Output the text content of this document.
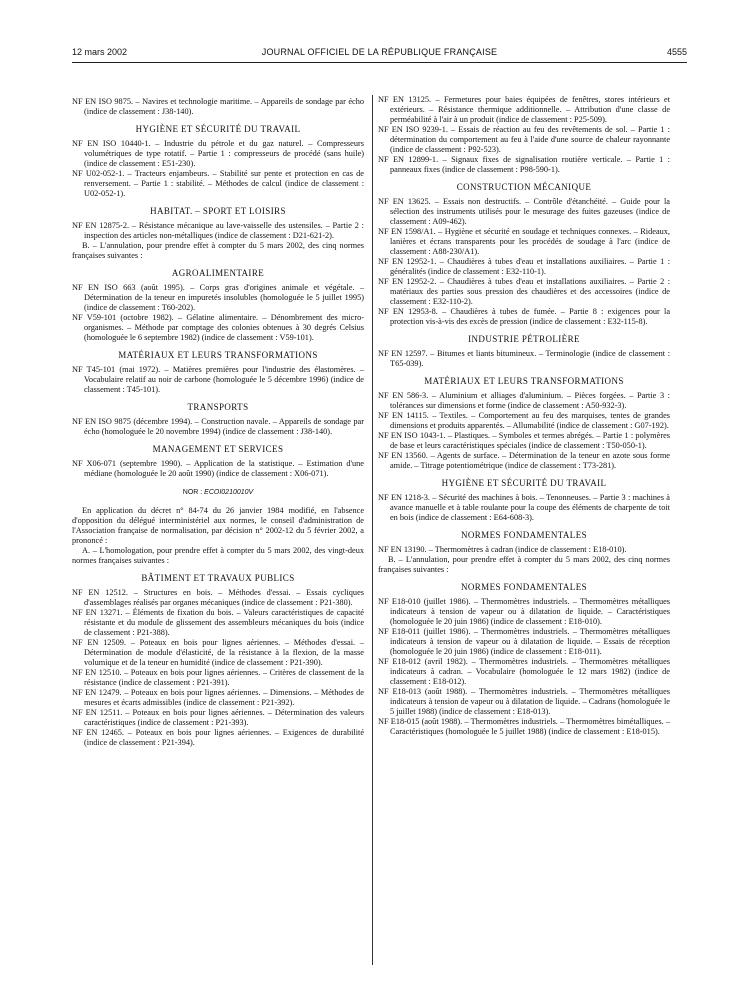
12 mars 2002	JOURNAL OFFICIEL DE LA RÉPUBLIQUE FRANÇAISE	4555
NF EN ISO 9875. – Navires et technologie maritime. – Appareils de sondage par écho (indice de classement : J38-140).
HYGIÈNE ET SÉCURITÉ DU TRAVAIL
NF EN ISO 10440-1. – Industrie du pétrole et du gaz naturel. – Compresseurs volumétriques de type rotatif. – Partie 1 : compresseurs de procédé (sans huile) (indice de classement : E51-230).
NF U02-052-1. – Tracteurs enjambeurs. – Stabilité sur pente et protection en cas de renversement. – Partie 1 : stabilité. – Méthodes de calcul (indice de classement : U02-052-1).
HABITAT. – SPORT ET LOISIRS
NF EN 12875-2. – Résistance mécanique au lave-vaisselle des ustensiles. – Partie 2 : inspection des articles non-métalliques (indice de classement : D21-621-2).
B. – L'annulation, pour prendre effet à compter du 5 mars 2002, des cinq normes françaises suivantes :
AGROALIMENTAIRE
NF EN ISO 663 (août 1995). – Corps gras d'origines animale et végétale. – Détermination de la teneur en impuretés insolubles (homologuée le 5 juillet 1995) (indice de classement : T60-202).
NF V59-101 (octobre 1982). – Gélatine alimentaire. – Dénombrement des micro-organismes. – Méthode par comptage des colonies obtenues à 30 degrés Celsius (homologuée le 6 septembre 1982) (indice de classement : V59-101).
MATÉRIAUX ET LEURS TRANSFORMATIONS
NF T45-101 (mai 1972). – Matières premières pour l'industrie des élastomères. – Vocabulaire relatif au noir de carbone (homologuée le 5 décembre 1996) (indice de classement : T45-101).
TRANSPORTS
NF EN ISO 9875 (décembre 1994). – Construction navale. – Appareils de sondage par écho (homologuée le 20 novembre 1994) (indice de classement : J38-140).
MANAGEMENT ET SERVICES
NF X06-071 (septembre 1990). – Application de la statistique. – Estimation d'une médiane (homologuée le 20 août 1990) (indice de classement : X06-071).
NOR : ECOI0210010V
En application du décret n° 84-74 du 26 janvier 1984 modifié, en l'absence d'opposition du délégué interministériel aux normes, le conseil d'administration de l'Association française de normalisation, par décision n° 2002-12 du 5 février 2002, a prononcé :
A. – L'homologation, pour prendre effet à compter du 5 mars 2002, des vingt-deux normes françaises suivantes :
BÂTIMENT ET TRAVAUX PUBLICS
NF EN 12512. – Structures en bois. – Méthodes d'essai. – Essais cycliques d'assemblages réalisés par organes mécaniques (indice de classement : P21-380).
NF EN 13271. – Éléments de fixation du bois. – Valeurs caractéristiques de capacité résistante et du module de glissement des assembleurs mécaniques du bois (indice de classement : P21-388).
NF EN 12509. – Poteaux en bois pour lignes aériennes. – Méthodes d'essai. – Détermination de module d'élasticité, de la résistance à la flexion, de la masse volumique et de la teneur en humidité (indice de classement : P21-390).
NF EN 12510. – Poteaux en bois pour lignes aériennes. – Critères de classement de la résistance (indice de classement : P21-391).
NF EN 12479. – Poteaux en bois pour lignes aériennes. – Dimensions. – Méthodes de mesures et écarts admissibles (indice de classement : P21-392).
NF EN 12511. – Poteaux en bois pour lignes aériennes. – Détermination des valeurs caractéristiques (indice de classement : P21-393).
NF EN 12465. – Poteaux en bois pour lignes aériennes. – Exigences de durabilité (indice de classement : P21-394).
NF EN 13125. – Fermetures pour baies équipées de fenêtres, stores intérieurs et extérieurs. – Résistance thermique additionnelle. – Attribution d'une classe de perméabilité à l'air à un produit (indice de classement : P25-509).
NF EN ISO 9239-1. – Essais de réaction au feu des revêtements de sol. – Partie 1 : détermination du comportement au feu à l'aide d'une source de chaleur rayonnante (indice de classement : P92-523).
NF EN 12899-1. – Signaux fixes de signalisation routière verticale. – Partie 1 : panneaux fixes (indice de classement : P98-590-1).
CONSTRUCTION MÉCANIQUE
NF EN 13625. – Essais non destructifs. – Contrôle d'étanchéité. – Guide pour la sélection des instruments utilisés pour le mesurage des fuites gazeuses (indice de classement : A09-462).
NF EN 1598/A1. – Hygiène et sécurité en soudage et techniques connexes. – Rideaux, lanières et écrans transparents pour les procédés de soudage à l'arc (indice de classement : A88-230/A1).
NF EN 12952-1. – Chaudières à tubes d'eau et installations auxiliaires. – Partie 1 : généralités (indice de classement : E32-110-1).
NF EN 12952-2. – Chaudières à tubes d'eau et installations auxiliaires. – Partie 2 : matériaux des parties sous pression des chaudières et des accessoires (indice de classement : E32-110-2).
NF EN 12953-8. – Chaudières à tubes de fumée. – Partie 8 : exigences pour la protection vis-à-vis des excès de pression (indice de classement : E32-115-8).
INDUSTRIE PÉTROLIÈRE
NF EN 12597. – Bitumes et liants bitumineux. – Terminologie (indice de classement : T65-039).
MATÉRIAUX ET LEURS TRANSFORMATIONS
NF EN 586-3. – Aluminium et alliages d'aluminium. – Pièces forgées. – Partie 3 : tolérances sur dimensions et forme (indice de classement : A50-932-3).
NF EN 14115. – Textiles. – Comportement au feu des marquises, tentes de grandes dimensions et produits apparentés. – Allumabilité (indice de classement : G07-192).
NF EN ISO 1043-1. – Plastiques. – Symboles et termes abrégés. – Partie 1 : polymères de base et leurs caractéristiques spéciales (indice de classement : T50-050-1).
NF EN 13560. – Agents de surface. – Détermination de la teneur en azote sous forme amide. – Titrage potentiométrique (indice de classement : T73-281).
HYGIÈNE ET SÉCURITÉ DU TRAVAIL
NF EN 1218-3. – Sécurité des machines à bois. – Tenonneuses. – Partie 3 : machines à avance manuelle et à table roulante pour la coupe des éléments de charpente de toit en bois (indice de classement : E64-608-3).
NORMES FONDAMENTALES
NF EN 13190. – Thermomètres à cadran (indice de classement : E18-010).
B. – L'annulation, pour prendre effet à compter du 5 mars 2002, des cinq normes françaises suivantes :
NORMES FONDAMENTALES
NF E18-010 (juillet 1986). – Thermomètres industriels. – Thermomètres métalliques indicateurs à tension de vapeur ou à dilatation de liquide. – Caractéristiques (homologuée le 20 juin 1986) (indice de classement : E18-010).
NF E18-011 (juillet 1986). – Thermomètres industriels. – Thermomètres métalliques indicateurs à tension de vapeur ou à dilatation de liquide. – Essais de réception (homologuée le 20 juin 1986) (indice de classement : E18-011).
NF E18-012 (avril 1982). – Thermomètres industriels. – Thermomètres métalliques indicateurs à cadran. – Vocabulaire (homologuée le 12 mars 1982) (indice de classement : E18-012).
NF E18-013 (août 1988). – Thermomètres industriels. – Thermomètres métalliques indicateurs à tension de vapeur ou à dilatation de liquide. – Cadrans (homologuée le 5 juillet 1988) (indice de classement : E18-013).
NF E18-015 (août 1988). – Thermomètres industriels. – Thermomètres bimétalliques. – Caractéristiques (homologuée le 5 juillet 1988) (indice de classement : E18-015).
